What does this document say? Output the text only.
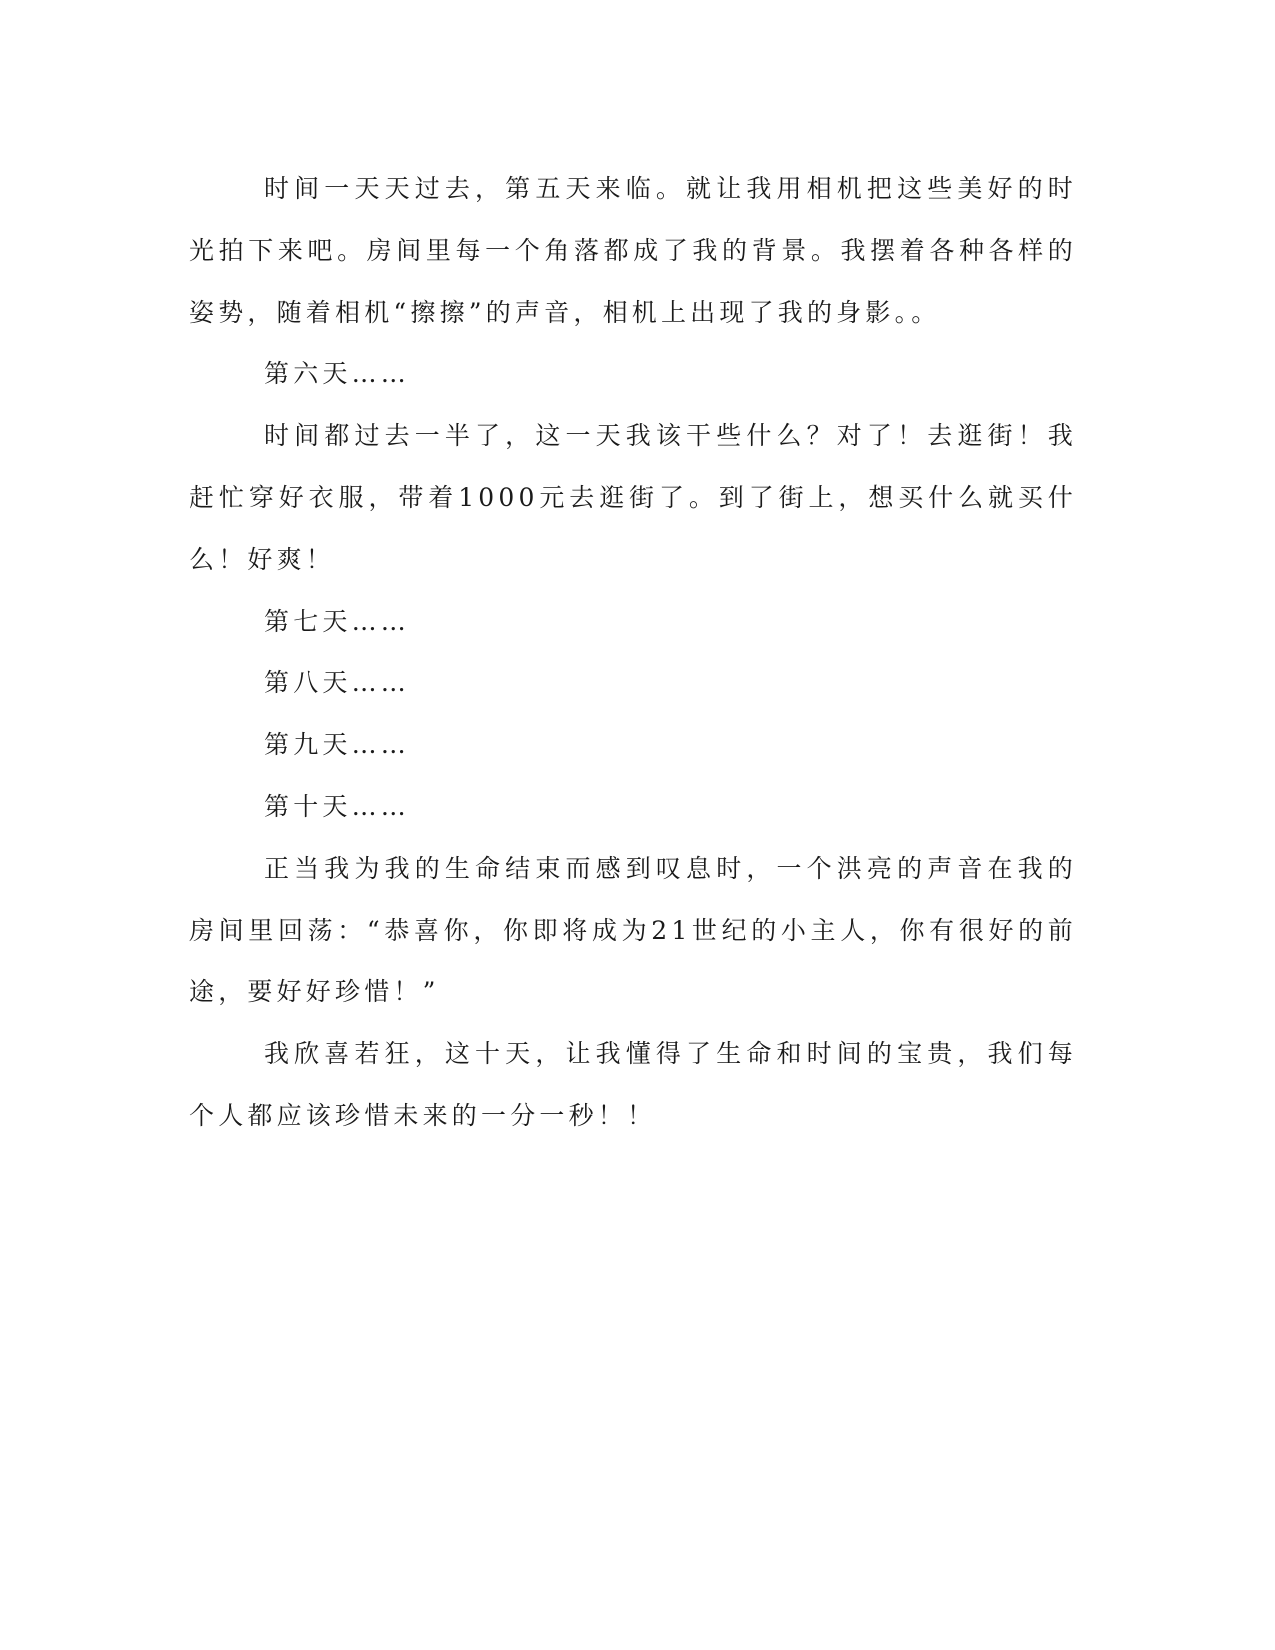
时间一天天过去，第五天来临。就让我用相机把这些美好的时光拍下来吧。房间里每一个角落都成了我的背景。我摆着各种各样的姿势，随着相机“擦擦”的声音，相机上出现了我的身影。。

第六天……

时间都过去一半了，这一天我该干些什么？对了！去逛街！我赶忙穿好衣服，带着1000元去逛街了。到了街上，想买什么就买什么！好爽！

第七天……

第八天……

第九天……

第十天……

正当我为我的生命结束而感到叹息时，一个洪亮的声音在我的房间里回荡：“恭喜你，你即将成为21世纪的小主人，你有很好的前途，要好好珍惜！”

我欣喜若狂，这十天，让我懂得了生命和时间的宝贵，我们每个人都应该珍惜未来的一分一秒！！
